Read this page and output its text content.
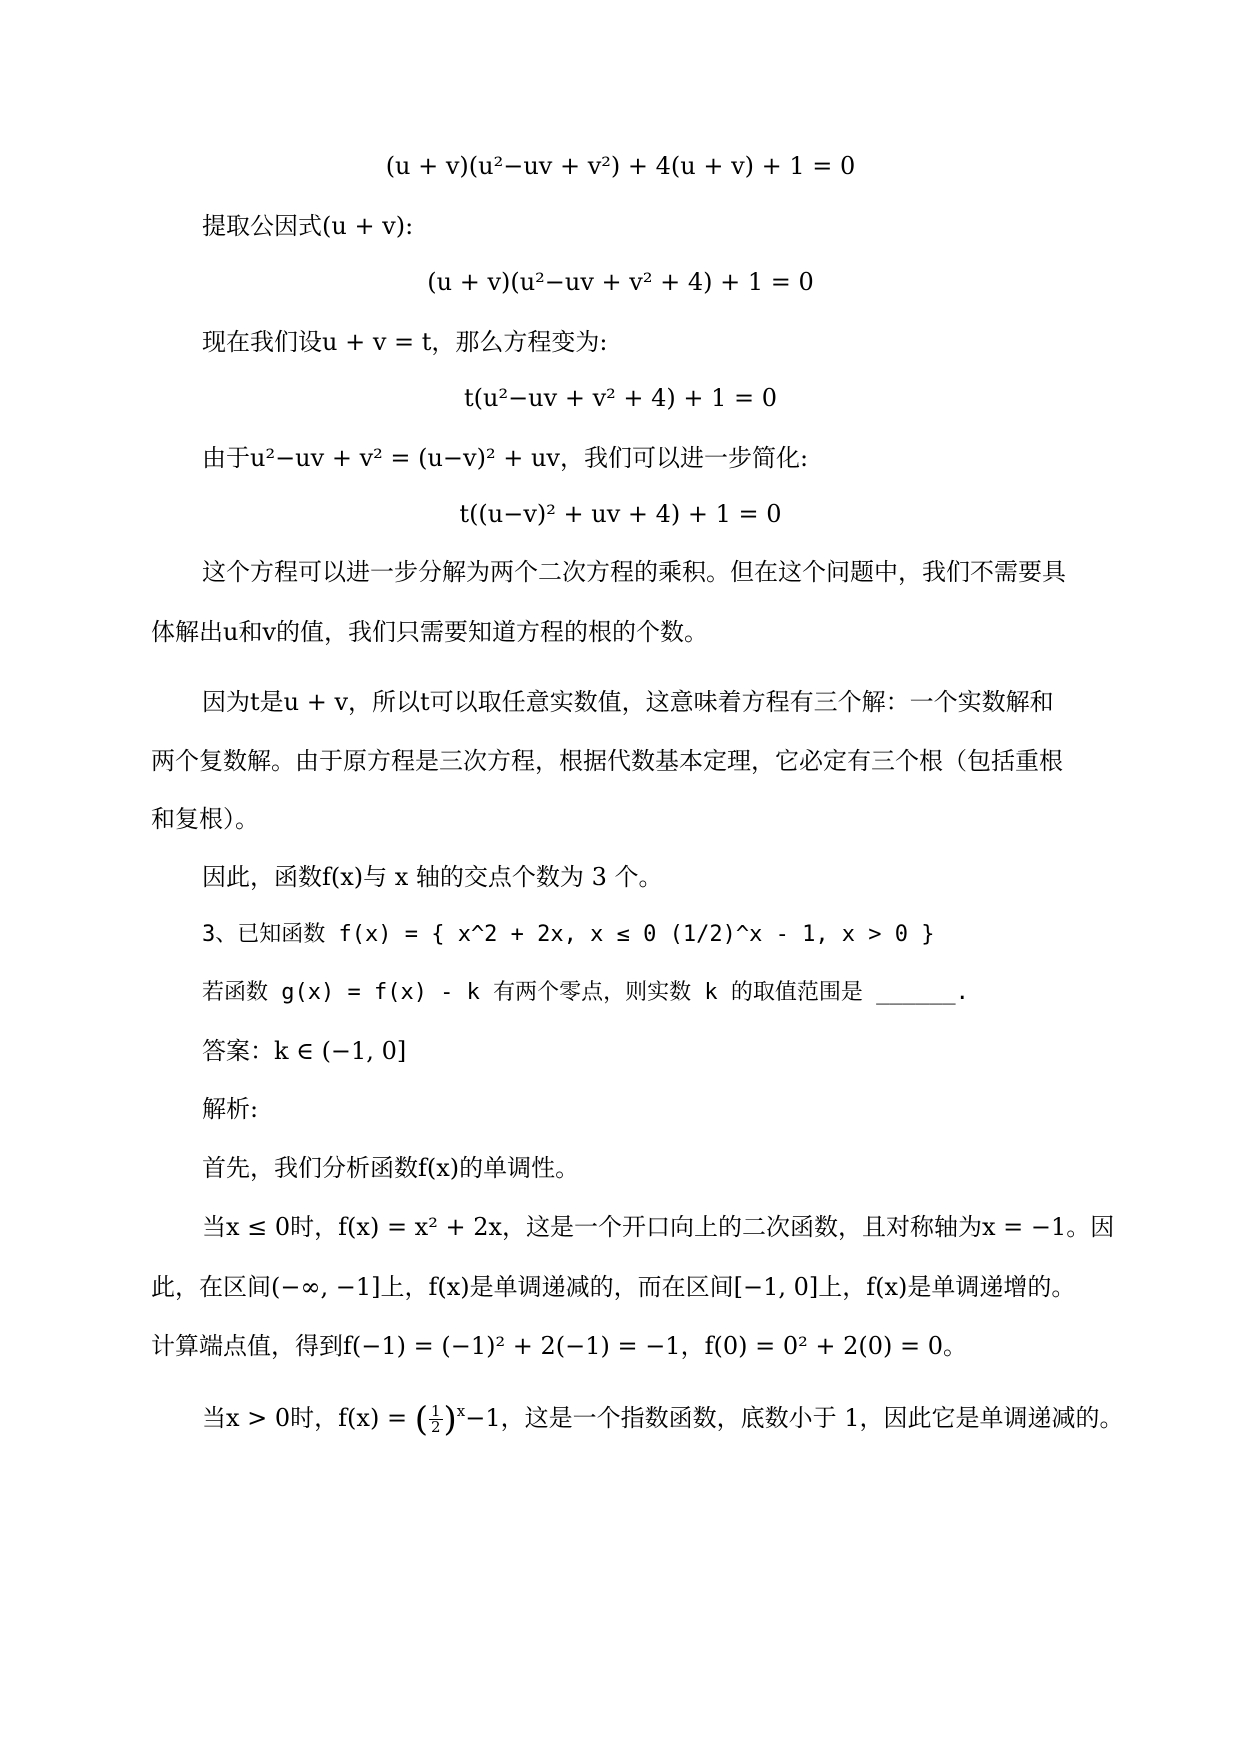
(u + v)(u²−uv + v²) + 4(u + v) + 1 = 0
提取公因式(u + v):
(u + v)(u²−uv + v² + 4) + 1 = 0
现在我们设u + v = t，那么方程变为:
t(u²−uv + v² + 4) + 1 = 0
由于u²−uv + v² = (u−v)² + uv，我们可以进一步简化:
t((u−v)² + uv + 4) + 1 = 0
这个方程可以进一步分解为两个二次方程的乘积。但在这个问题中，我们不需要具
体解出u和v的值，我们只需要知道方程的根的个数。
因为t是u + v，所以t可以取任意实数值，这意味着方程有三个解：一个实数解和
两个复数解。由于原方程是三次方程，根据代数基本定理，它必定有三个根（包括重根
和复根）。
因此，函数f(x)与 x 轴的交点个数为 3 个。
3、已知函数 f(x) = { x^2 + 2x, x ≤ 0 (1/2)^x - 1, x > 0 }
若函数 g(x) = f(x) - k 有两个零点，则实数 k 的取值范围是 ______.
答案：k ∈ (−1, 0]
解析:
首先，我们分析函数f(x)的单调性。
当x ≤ 0时，f(x) = x² + 2x，这是一个开口向上的二次函数，且对称轴为x = −1。因
此，在区间(−∞, −1]上，f(x)是单调递减的，而在区间[−1, 0]上，f(x)是单调递增的。
计算端点值，得到f(−1) = (−1)² + 2(−1) = −1，f(0) = 0² + 2(0) = 0。
当x > 0时，f(x) = ( $\frac{1}{2} )^x-1$，这是一个指数函数，底数小于 1，因此它是单调递减的。
